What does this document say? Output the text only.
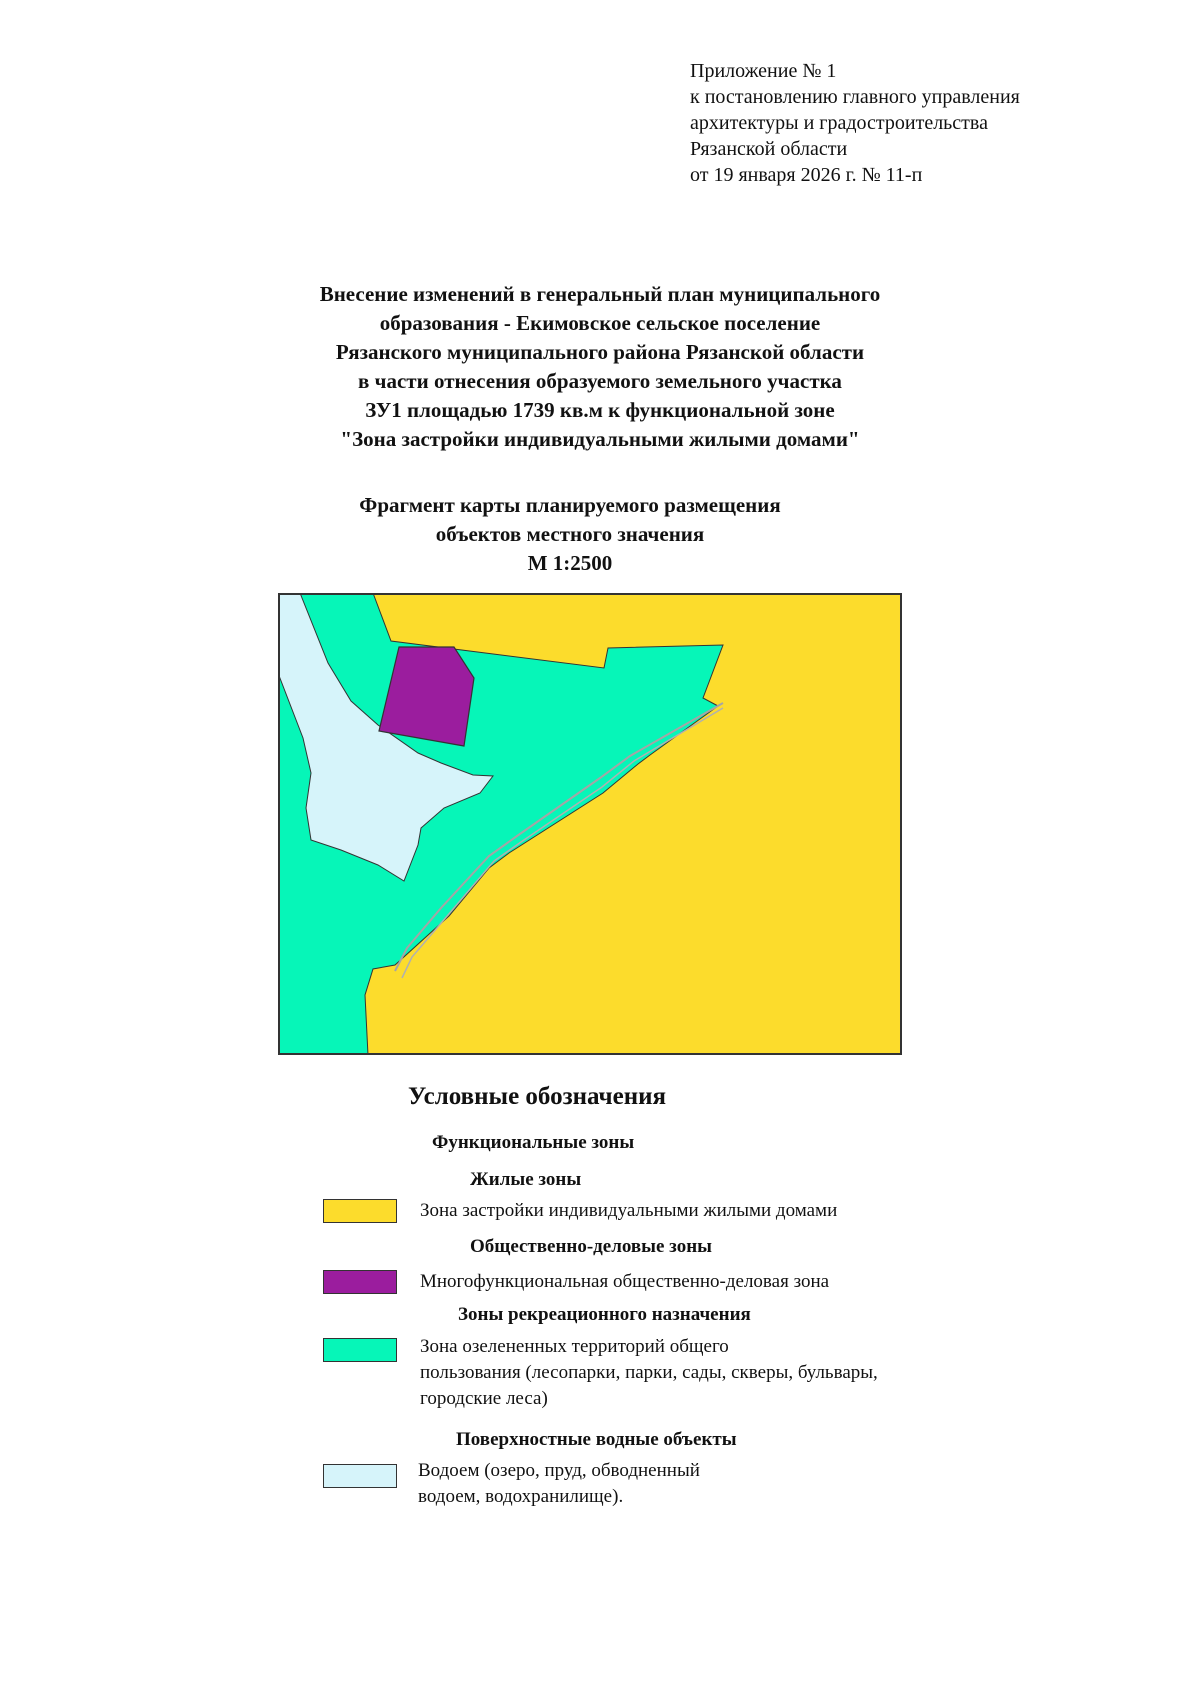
Приложение № 1
к постановлению главного управления
архитектуры и градостроительства
Рязанской области
от 19 января 2026 г. № 11-п
Внесение изменений в генеральный план муниципального
образования - Екимовское сельское поселение
Рязанского муниципального района Рязанской области
в части отнесения образуемого земельного участка
ЗУ1 площадью 1739 кв.м к функциональной зоне
"Зона застройки индивидуальными жилыми домами"
Фрагмент карты планируемого размещения
объектов местного значения
М 1:2500
Условные обозначения
Функциональные зоны
Жилые зоны
Зона застройки индивидуальными жилыми домами
Общественно-деловые зоны
Многофункциональная общественно-деловая зона
Зоны рекреационного назначения
Зона озелененных территорий общего
пользования (лесопарки, парки, сады, скверы, бульвары,
городские леса)
Поверхностные водные объекты
Водоем (озеро, пруд, обводненный
водоем, водохранилище).
